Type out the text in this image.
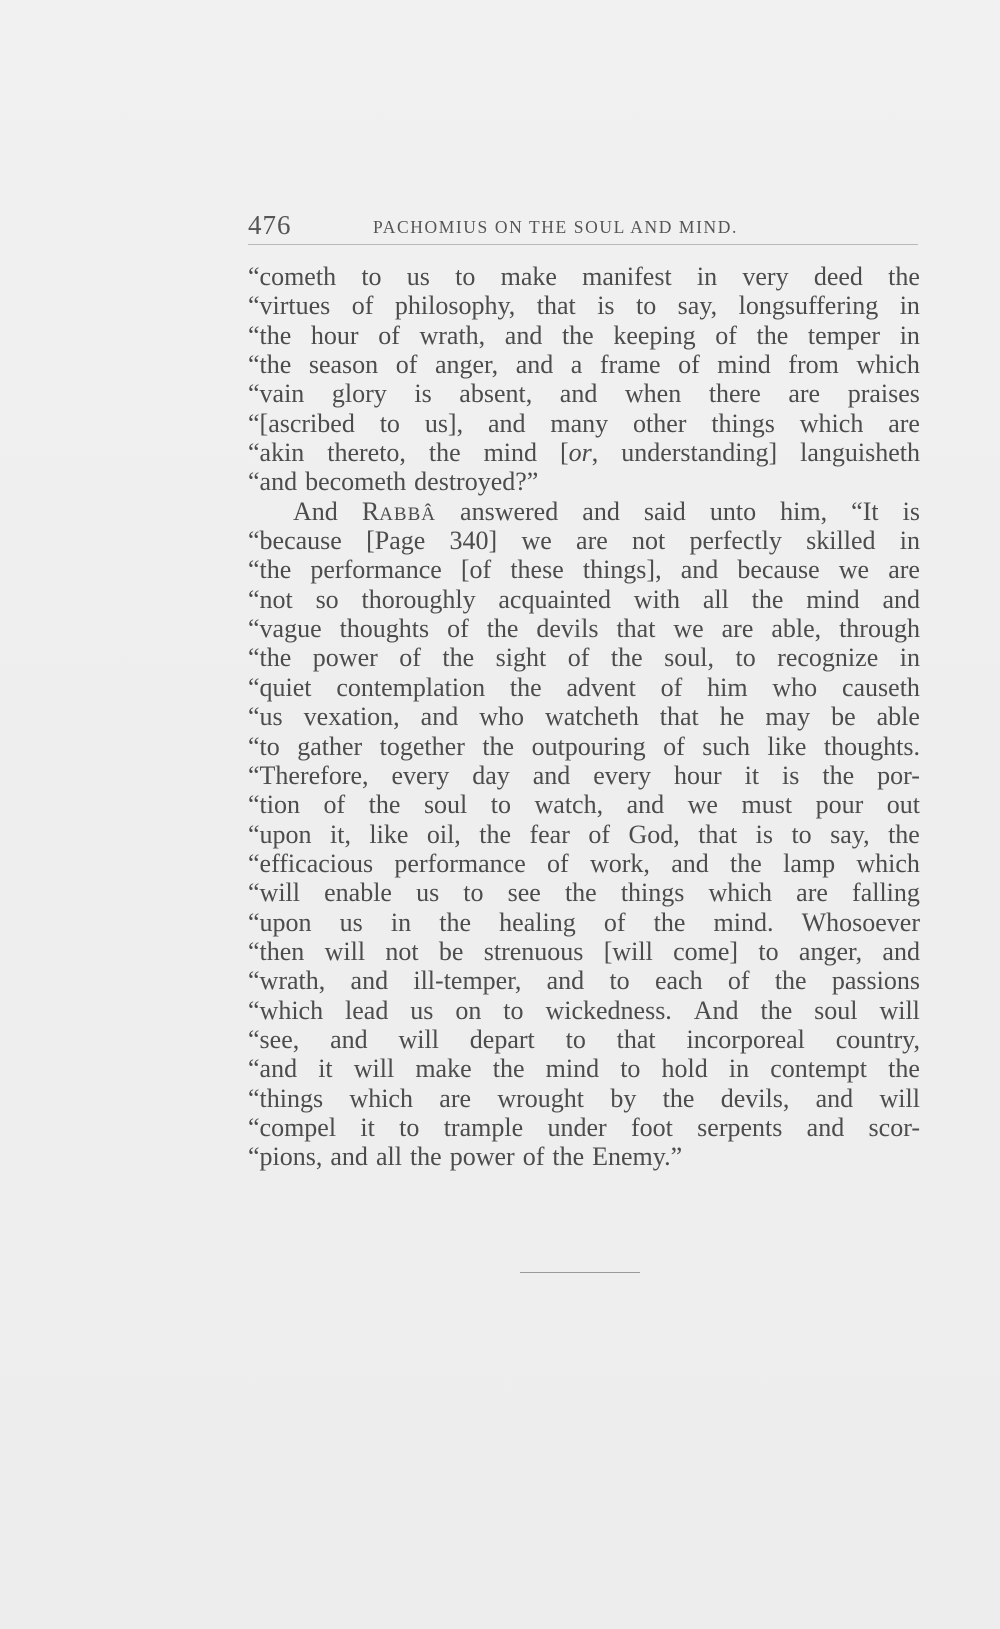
476	PACHOMIUS ON THE SOUL AND MIND.
“cometh to us to make manifest in very deed the
“virtues of philosophy, that is to say, longsuffering in
“the hour of wrath, and the keeping of the temper in
“the season of anger, and a frame of mind from which
“vain glory is absent, and when there are praises
“[ascribed to us], and many other things which are
“akin thereto, the mind [or, understanding] languisheth
“and becometh destroyed?”
And RABBÂ answered and said unto him, “It is
“because [Page 340] we are not perfectly skilled in
“the performance [of these things], and because we are
“not so thoroughly acquainted with all the mind and
“vague thoughts of the devils that we are able, through
“the power of the sight of the soul, to recognize in
“quiet contemplation the advent of him who causeth
“us vexation, and who watcheth that he may be able
“to gather together the outpouring of such like thoughts.
“Therefore, every day and every hour it is the por-
“tion of the soul to watch, and we must pour out
“upon it, like oil, the fear of God, that is to say, the
“efficacious performance of work, and the lamp which
“will enable us to see the things which are falling
“upon us in the healing of the mind. Whosoever
“then will not be strenuous [will come] to anger, and
“wrath, and ill-temper, and to each of the passions
“which lead us on to wickedness. And the soul will
“see, and will depart to that incorporeal country,
“and it will make the mind to hold in contempt the
“things which are wrought by the devils, and will
“compel it to trample under foot serpents and scor-
“pions, and all the power of the Enemy.”
